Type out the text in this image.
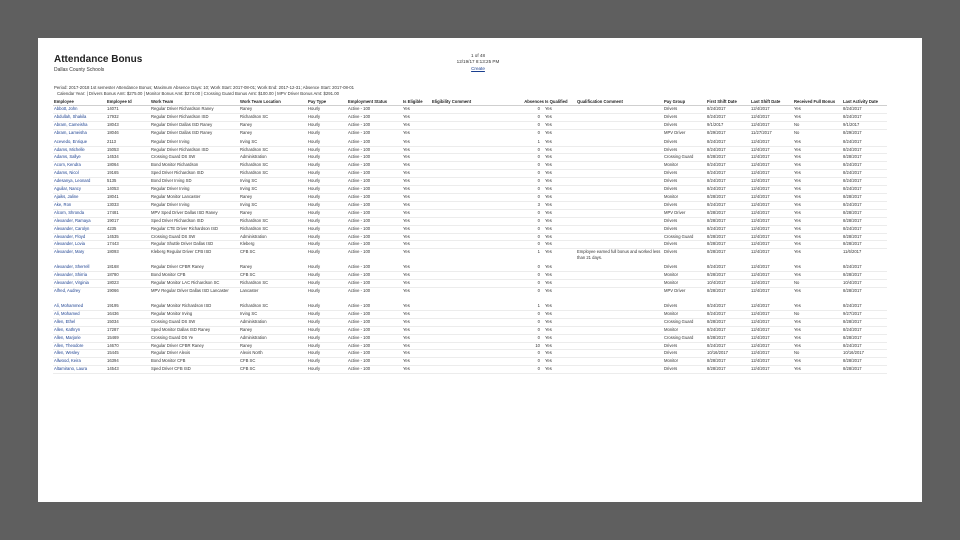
Attendance Bonus
Dallas County Schools
1 of 48
12/19/17 8:13:25 PM
Create
Period: 2017-2018 1st semester Attendance Bonus; Maximum Absence Days: 10; Work Start: 2017-08-01; Work End: 2017-12-31; Absence Start: 2017-08-01
Calendar Year: | Drivers Bonus Amt: $275.00 | Monitor Bonus Amt: $274.00 | Crossing Guard Bonus Amt: $100.00 | MPV Driver Bonus Amt: $291.00
Employee	Employee Id	Work Team	Work Team Location	Pay Type	Employment Status	Is Eligible	Eligibility Comment	Absences	Is Qualified	Qualification Comment	Pay Group	First Shift Date	Last Shift Date	Received Full Bonus	Last Activity Date
Abbott, John	14071	Regular Driver Richardson Raney	Raney	Hourly	Active - 100	Yes		0	Yes		Drivers	8/24/2017	12/4/2017	Yes	8/24/2017
Abdullah, Shakila	17932	Regular Driver Richardson ISD	Richardson SC	Hourly	Active - 100	Yes		0	Yes		Drivers	8/24/2017	12/4/2017	Yes	8/24/2017
Abram, Cameisha	18043	Regular Driver Dallas ISD Raney	Raney	Hourly	Active - 100	Yes		0	Yes		Drivers	9/1/2017	12/4/2017	No	9/1/2017
Abram, Lameisha	18046	Regular Driver Dallas ISD Raney	Raney	Hourly	Active - 100	Yes		0	Yes		MPV Driver	8/29/2017	11/27/2017	No	8/29/2017
Acevedo, Enrique	2113	Regular Driver Irving	Irving SC	Hourly	Active - 100	Yes		1	Yes		Drivers	8/24/2017	12/4/2017	Yes	8/24/2017
Adams, Michelle	15053	Regular Driver Richardson ISD	Richardson SC	Hourly	Active - 100	Yes		0	Yes		Drivers	8/24/2017	12/4/2017	Yes	8/24/2017
Adams, Sallye	14534	Crossing Guard DS SW	Administration	Hourly	Active - 100	Yes		0	Yes		Crossing Guard	8/28/2017	12/4/2017	Yes	8/28/2017
Acorn, Kendra	18064	Bond Monitor Richardson	Richardson SC	Hourly	Active - 100	Yes		0	Yes		Monitor	8/24/2017	12/4/2017	Yes	8/24/2017
Adams, Nicol	19165	Sped Driver Richardson ISD	Richardson SC	Hourly	Active - 100	Yes		0	Yes		Drivers	8/24/2017	12/4/2017	Yes	8/24/2017
Adesanya, Leonard	5135	Bond Driver Irving SD	Irving SC	Hourly	Active - 100	Yes		0	Yes		Drivers	8/24/2017	12/4/2017	Yes	8/24/2017
Aguilar, Nancy	14053	Regular Driver Irving	Irving SC	Hourly	Active - 100	Yes		0	Yes		Drivers	8/24/2017	12/4/2017	Yes	8/24/2017
Ajaiks, Jaline	18041	Regular Monitor Lancaster	Raney	Hourly	Active - 100	Yes		0	Yes		Monitor	8/28/2017	12/4/2017	Yes	8/28/2017
Ake, Ron	13033	Regular Driver Irving	Irving SC	Hourly	Active - 100	Yes		3	Yes		Drivers	8/24/2017	12/4/2017	Yes	8/24/2017
Alcorn, Shronda	17481	MPV Sped Driver Dallas ISD Raney	Raney	Hourly	Active - 100	Yes		0	Yes		MPV Driver	8/28/2017	12/4/2017	Yes	8/28/2017
Alexander, Ramaya	19017	Sped Driver Richardson ISD	Richardson SC	Hourly	Active - 100	Yes		0	Yes		Drivers	8/28/2017	12/4/2017	Yes	8/28/2017
Alexander, Carolyn	4235	Regular CTE Driver Richardson ISD	Richardson SC	Hourly	Active - 100	Yes		0	Yes		Drivers	8/24/2017	12/4/2017	Yes	8/24/2017
Alexander, Floyd	14535	Crossing Guard DS SW	Administration	Hourly	Active - 100	Yes		0	Yes		Crossing Guard	8/28/2017	12/4/2017	Yes	8/28/2017
Alexander, Lovia	17443	Regular Shuttle Driver Dallas ISD	Kleberg	Hourly	Active - 100	Yes		0	Yes		Drivers	8/28/2017	12/4/2017	Yes	8/28/2017
Alexander, Mary	18093	Kleberg Regular Driver CFB ISD	CFB SC	Hourly	Active - 100	Yes		1	Yes	Employee earned full bonus and worked less than 21 days.	Drivers	8/28/2017	12/4/2017	Yes	11/6/2017
Alexander, Sherrell	18168	Regular Driver CFBR Raney	Raney	Hourly	Active - 100	Yes		0	Yes		Drivers	8/24/2017	12/4/2017	Yes	8/24/2017
Alexander, Shirria	18780	Bond Monitor CFB	CFB SC	Hourly	Active - 100	Yes		0	Yes		Monitor	8/28/2017	12/4/2017	Yes	8/28/2017
Alexander, Virginia	18023	Regular Monitor LAC Richardson SC	Richardson SC	Hourly	Active - 100	Yes		0	Yes		Monitor	10/4/2017	12/4/2017	No	10/4/2017
Alfred, Audrey	19066	MPV Regular Driver Dallas ISD Lancaster	Lancaster	Hourly	Active - 100	Yes		0	Yes		MPV Driver	8/28/2017	12/4/2017	Yes	8/28/2017
Ali, Mohammed	19195	Regular Monitor Richardson ISD	Richardson SC	Hourly	Active - 100	Yes		1	Yes		Drivers	8/24/2017	12/4/2017	Yes	8/24/2017
Ali, Mohamed	16436	Regular Monitor Irving	Irving SC	Hourly	Active - 100	Yes		0	Yes		Monitor	8/24/2017	12/4/2017	No	9/27/2017
Allen, Ethel	15034	Crossing Guard DS SW	Administration	Hourly	Active - 100	Yes		0	Yes		Crossing Guard	8/28/2017	12/4/2017	Yes	8/28/2017
Allen, Kathryn	17287	Sped Monitor Dallas ISD Raney	Raney	Hourly	Active - 100	Yes		0	Yes		Monitor	8/24/2017	12/4/2017	Yes	8/24/2017
Allen, Marjorie	15469	Crossing Guard DS Ye	Administration	Hourly	Active - 100	Yes		0	Yes		Crossing Guard	8/28/2017	12/4/2017	Yes	8/28/2017
Allen, Theodore	14670	Regular Driver CFBR Raney	Raney	Hourly	Active - 100	Yes		10	Yes		Drivers	8/24/2017	12/4/2017	Yes	8/24/2017
Allen, Wesley	15445	Regular Driver Alexis	Alexis North	Hourly	Active - 100	Yes		0	Yes		Drivers	10/16/2017	12/4/2017	No	10/16/2017
Allwood, Keira	16394	Bond Monitor CFB	CFB SC	Hourly	Active - 100	Yes		0	Yes		Monitor	8/28/2017	12/4/2017	Yes	8/28/2017
Altamirano, Laura	14543	Sped Driver CFB ISD	CFB SC	Hourly	Active - 100	Yes		0	Yes		Drivers	8/28/2017	12/4/2017	Yes	8/28/2017
